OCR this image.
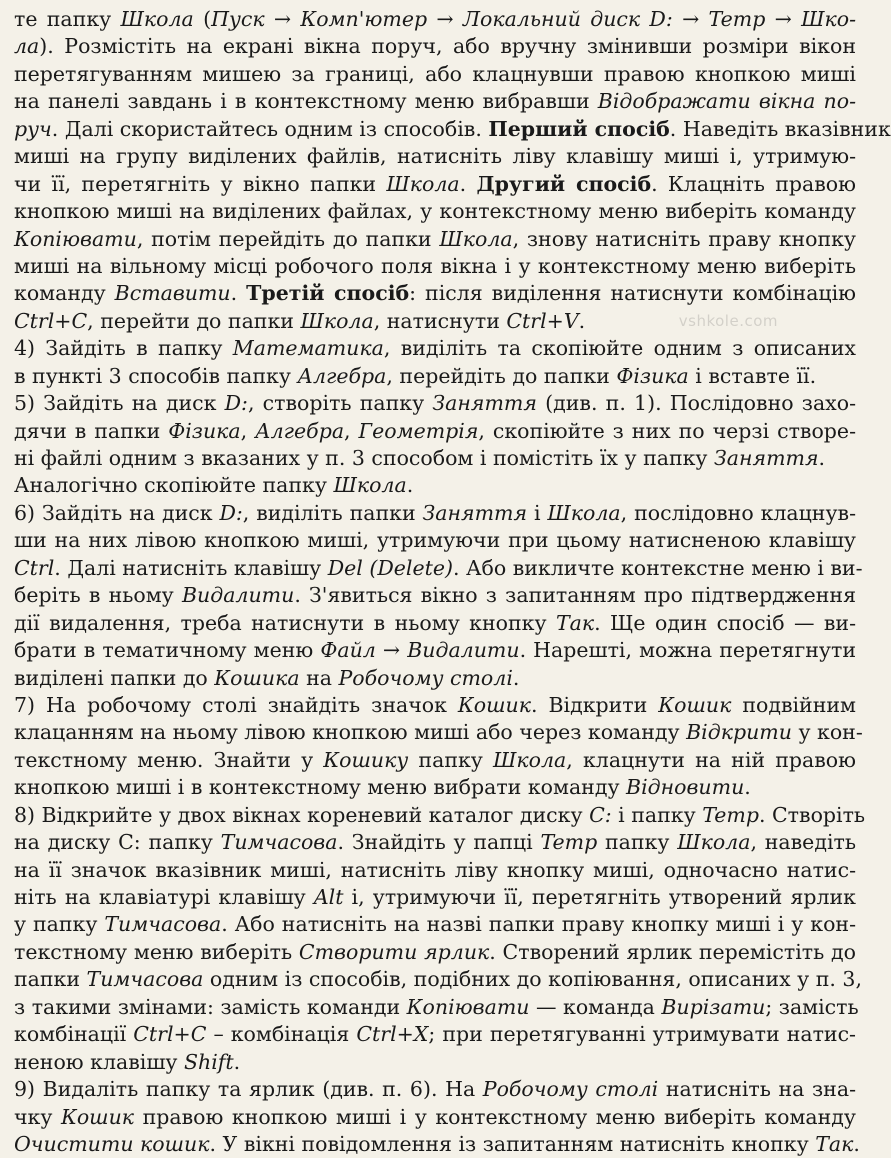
те папку Школа (Пуск → Комп'ютер → Локальний диск D: → Temp → Шко-
ла). Розмістіть на екрані вікна поруч, або вручну змінивши розміри вікон
перетягуванням мишею за границі, або клацнувши правою кнопкою миші
на панелі завдань і в контекстному меню вибравши Відображати вікна по-
руч. Далі скористайтесь одним із способів. Перший спосіб. Наведіть вказівник
миші на групу виділених файлів, натисніть ліву клавішу миші і, утримую-
чи її, перетягніть у вікно папки Школа. Другий спосіб. Клацніть правою
кнопкою миші на виділених файлах, у контекстному меню виберіть команду
Копіювати, потім перейдіть до папки Школа, знову натисніть праву кнопку
миші на вільному місці робочого поля вікна і у контекстному меню виберіть
команду Вставити. Третій спосіб: після виділення натиснути комбінацію
Ctrl+C, перейти до папки Школа, натиснути Ctrl+V.
4) Зайдіть в папку Математика, виділіть та скопіюйте одним з описаних
в пункті 3 способів папку Алгебра, перейдіть до папки Фізика і вставте її.
5) Зайдіть на диск D:, створіть папку Заняття (див. п. 1). Послідовно захо-
дячи в папки Фізика, Алгебра, Геометрія, скопіюйте з них по черзі створе-
ні файлі одним з вказаних у п. 3 способом і помістіть їх у папку Заняття.
Аналогічно скопіюйте папку Школа.
6) Зайдіть на диск D:, виділіть папки Заняття і Школа, послідовно клацнув-
ши на них лівою кнопкою миші, утримуючи при цьому натисненою клавішу
Ctrl. Далі натисніть клавішу Del (Delete). Або викличте контекстне меню і ви-
беріть в ньому Видалити. З'явиться вікно з запитанням про підтвердження
дії видалення, треба натиснути в ньому кнопку Так. Ще один спосіб — ви-
брати в тематичному меню Файл → Видалити. Нарешті, можна перетягнути
виділені папки до Кошика на Робочому столі.
7) На робочому столі знайдіть значок Кошик. Відкрити Кошик подвійним
клацанням на ньому лівою кнопкою миші або через команду Відкрити у кон-
текстному меню. Знайти у Кошику папку Школа, клацнути на ній правою
кнопкою миші і в контекстному меню вибрати команду Відновити.
8) Відкрийте у двох вікнах кореневий каталог диску C: і папку Temp. Створіть
на диску С: папку Тимчасова. Знайдіть у папці Temp папку Школа, наведіть
на її значок вказівник миші, натисніть ліву кнопку миші, одночасно натис-
ніть на клавіатурі клавішу Alt і, утримуючи її, перетягніть утворений ярлик
у папку Тимчасова. Або натисніть на назві папки праву кнопку миші і у кон-
текстному меню виберіть Створити ярлик. Створений ярлик перемістіть до
папки Тимчасова одним із способів, подібних до копіювання, описаних у п. 3,
з такими змінами: замість команди Копіювати — команда Вирізати; замість
комбінації Ctrl+C – комбінація Ctrl+X; при перетягуванні утримувати натис-
неною клавішу Shift.
9) Видаліть папку та ярлик (див. п. 6). На Робочому столі натисніть на зна-
чку Кошик правою кнопкою миші і у контекстному меню виберіть команду
Очистити кошик. У вікні повідомлення із запитанням натисніть кнопку Так.
vshkole.com
